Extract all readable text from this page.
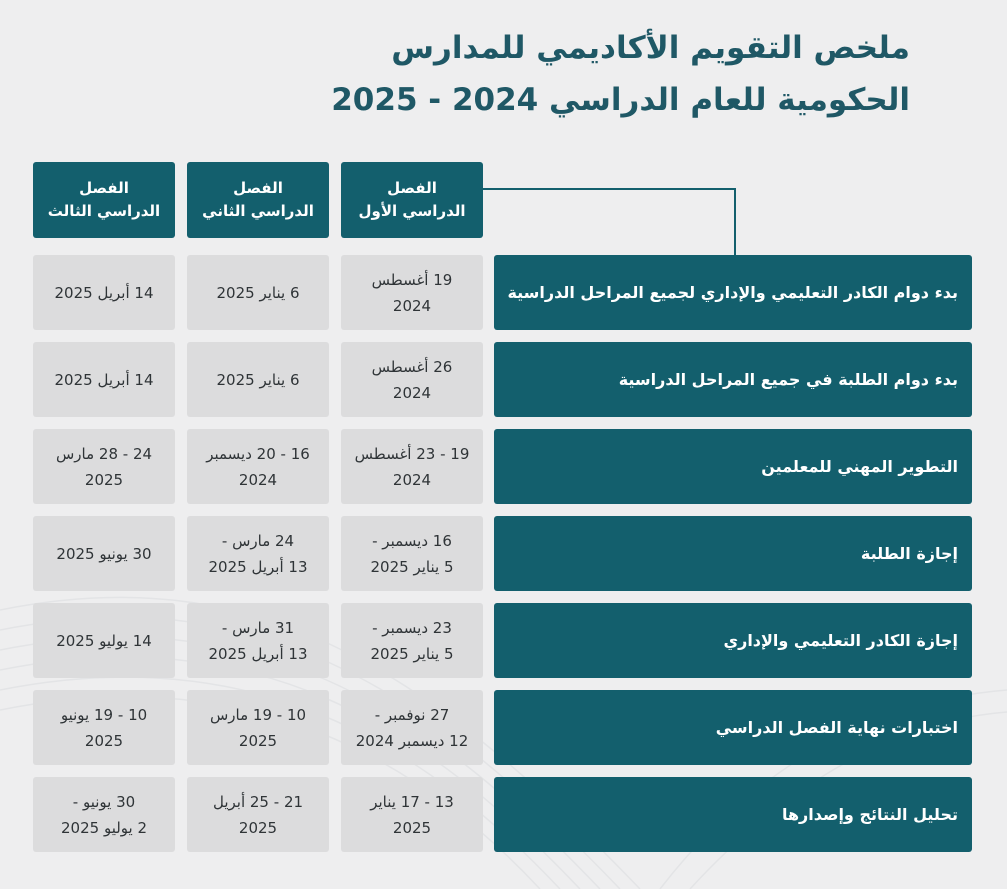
ملخص التقويم الأكاديمي للمدارس
الحكومية للعام الدراسي 2024 - 2025
الفصل
الدراسي الأول
الفصل
الدراسي الثاني
الفصل
الدراسي الثالث
بدء دوام الكادر التعليمي والإداري لجميع المراحل الدراسية
19 أغسطس
2024
6 يناير 2025
14 أبريل 2025
بدء دوام الطلبة في جميع المراحل الدراسية
26 أغسطس
2024
6 يناير 2025
14 أبريل 2025
التطوير المهني للمعلمين
19 - 23 أغسطس
2024
16 - 20 ديسمبر
2024
24 - 28 مارس
2025
إجازة الطلبة
16 ديسمبر -
5 يناير 2025
24 مارس -
13 أبريل 2025
30 يونيو 2025
إجازة الكادر التعليمي والإداري
23 ديسمبر -
5 يناير 2025
31 مارس -
13 أبريل 2025
14 يوليو 2025
اختبارات نهاية الفصل الدراسي
27 نوفمبر -
12 ديسمبر 2024
10 - 19 مارس
2025
10 - 19 يونيو
2025
تحليل النتائج وإصدارها
13 - 17 يناير
2025
21 - 25 أبريل
2025
30 يونيو -
2 يوليو 2025
